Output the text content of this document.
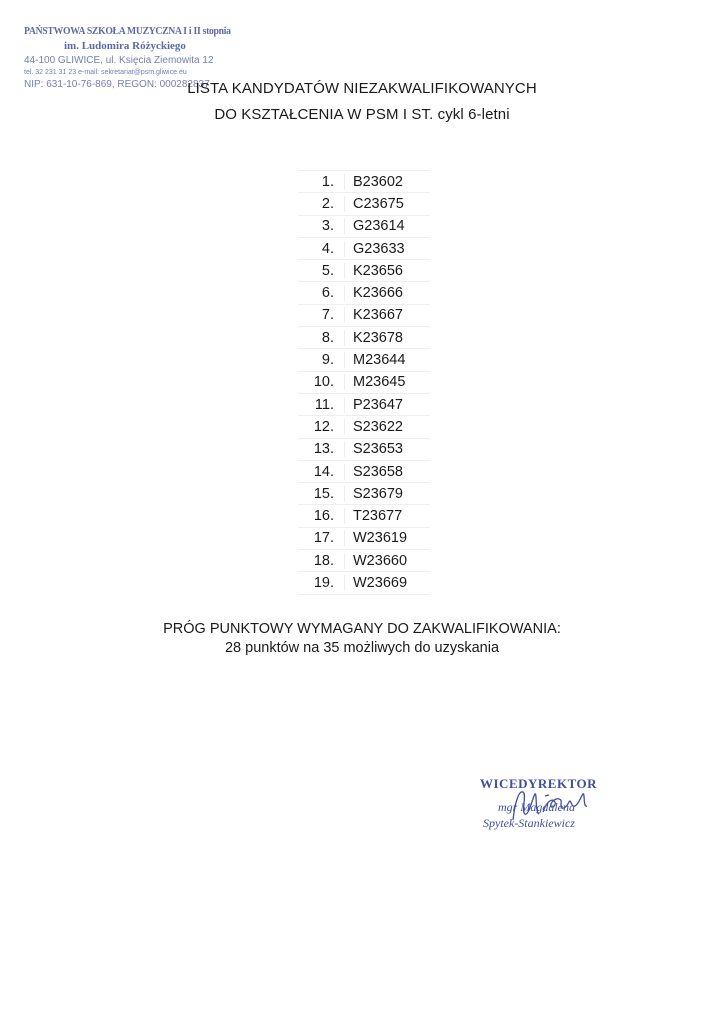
PAŃSTWOWA SZKOŁA MUZYCZNA I i II stopnia
im. Ludomira Różyckiego
44-100 GLIWICE, ul. Księcia Ziemowita 12
tel. 32 231 31 23 e-mail: sekretariat@psm.gliwice.eu
NIP: 631-10-76-869, REGON: 000282837
LISTA KANDYDATÓW NIEZAKWALIFIKOWANYCH
DO KSZTAŁCENIA W PSM I ST. cykl 6-letni
1.	B23602
2.	C23675
3.	G23614
4.	G23633
5.	K23656
6.	K23666
7.	K23667
8.	K23678
9.	M23644
10.	M23645
11.	P23647
12.	S23622
13.	S23653
14.	S23658
15.	S23679
16.	T23677
17.	W23619
18.	W23660
19.	W23669
PRÓG PUNKTOWY WYMAGANY DO ZAKWALIFIKOWANIA:
28 punktów na 35 możliwych do uzyskania
WICEDYREKTOR
mgr Magdalena
Spytek-Stankiewicz
